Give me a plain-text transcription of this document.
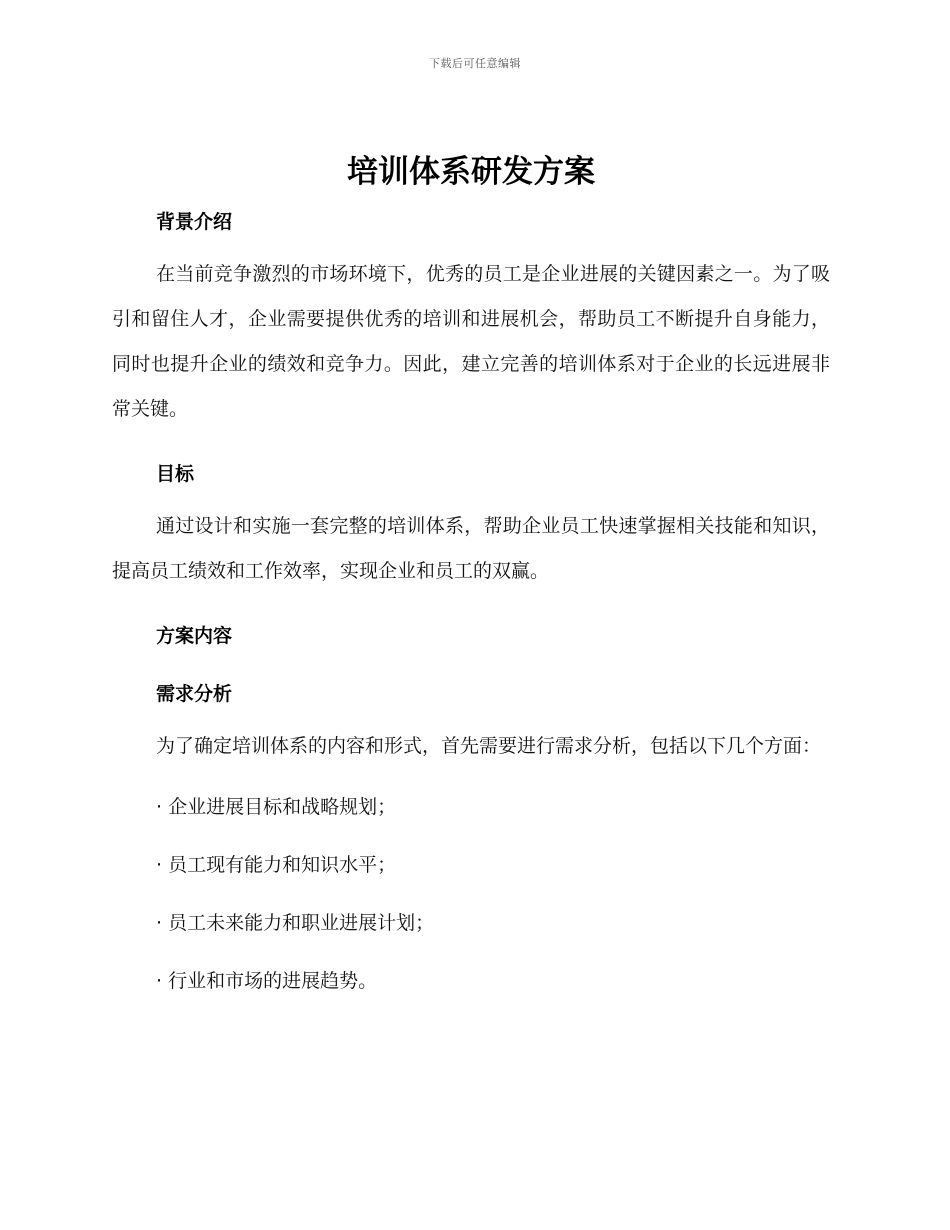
下载后可任意编辑
培训体系研发方案
背景介绍

在当前竞争激烈的市场环境下，优秀的员工是企业进展的关键因素之一。为了吸引和留住人才，企业需要提供优秀的培训和进展机会，帮助员工不断提升自身能力，同时也提升企业的绩效和竞争力。因此，建立完善的培训体系对于企业的长远进展非常关键。

目标

通过设计和实施一套完整的培训体系，帮助企业员工快速掌握相关技能和知识，提高员工绩效和工作效率，实现企业和员工的双赢。

方案内容
需求分析

为了确定培训体系的内容和形式，首先需要进行需求分析，包括以下几个方面：

· 企业进展目标和战略规划；

· 员工现有能力和知识水平；

· 员工未来能力和职业进展计划；

· 行业和市场的进展趋势。
